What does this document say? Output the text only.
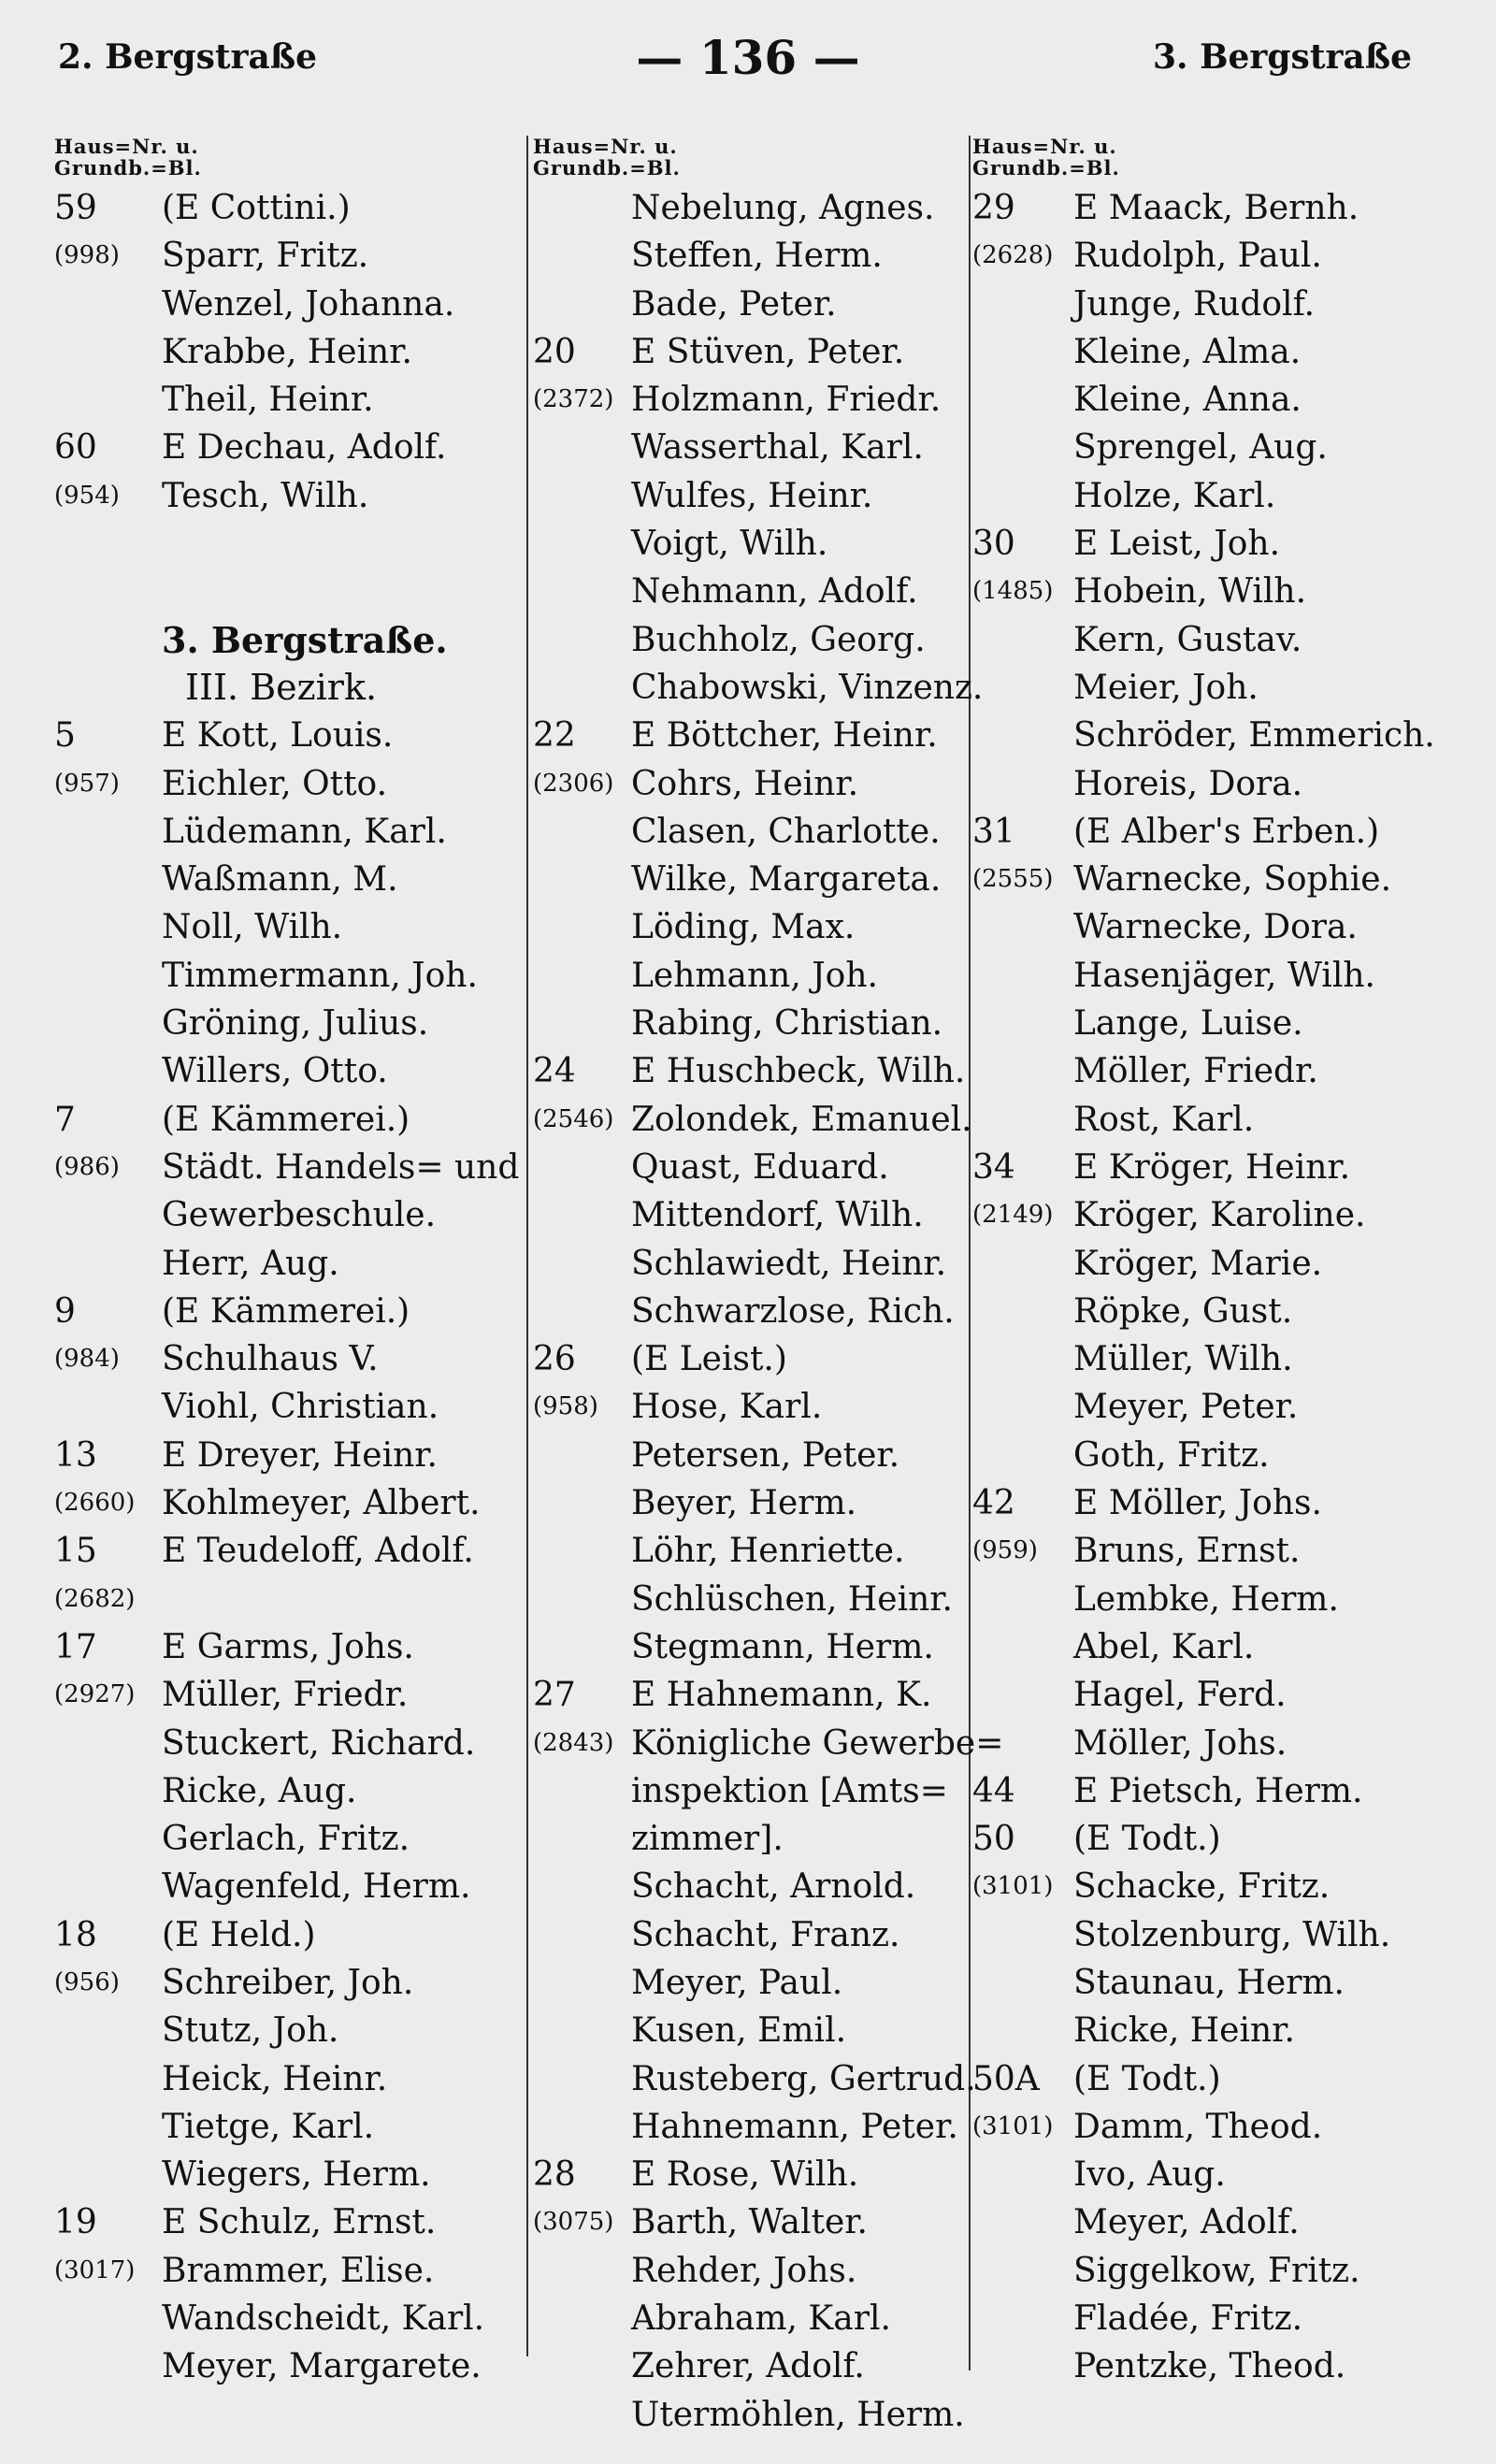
2. Bergstraße	— 136 —	3. Bergstraße
Haus=Nr. u.
Grundb.=Bl.
59 (E Cottini.)
(998) Sparr, Fritz.
Wenzel, Johanna.
Krabbe, Heinr.
Theil, Heinr.
60 E Dechau, Adolf.
(954) Tesch, Wilh.
3. Bergstraße.
III. Bezirk.
5	E Kott, Louis.
(957) Eichler, Otto.
Lüdemann, Karl.
Waßmann, M.
Noll, Wilh.
Timmermann, Joh.
Gröning, Julius.
Willers, Otto.
7	(E Kämmerei.)
(986) Städt. Handels= und
Gewerbeschule.
Herr, Aug.
9	(E Kämmerei.)
(984) Schulhaus V.
Viohl, Christian.
13 E Dreyer, Heinr.
(2660) Kohlmeyer, Albert.
15 E Teudeloff, Adolf.
(2682)
17 E Garms, Johs.
(2927) Müller, Friedr.
Stuckert, Richard.
Ricke, Aug.
Gerlach, Fritz.
Wagenfeld, Herm.
18 (E Held.)
(956) Schreiber, Joh.
Stutz, Joh.
Heick, Heinr.
Tietge, Karl.
Wiegers, Herm.
19 E Schulz, Ernst.
(3017) Brammer, Elise.
Wandscheidt, Karl.
Meyer, Margarete.
Haus=Nr. u.
Grundb.=Bl.
Nebelung, Agnes.
Steffen, Herm.
Bade, Peter.
20 E Stüven, Peter.
(2372) Holzmann, Friedr.
Wasserthal, Karl.
Wulfes, Heinr.
Voigt, Wilh.
Nehmann, Adolf.
Buchholz, Georg.
Chabowski, Vinzenz.
22 E Böttcher, Heinr.
(2306) Cohrs, Heinr.
Clasen, Charlotte.
Wilke, Margareta.
Löding, Max.
Lehmann, Joh.
Rabing, Christian.
24 E Huschbeck, Wilh.
(2546) Zolondek, Emanuel.
Quast, Eduard.
Mittendorf, Wilh.
Schlawiedt, Heinr.
Schwarzlose, Rich.
26 (E Leist.)
(958) Hose, Karl.
Petersen, Peter.
Beyer, Herm.
Löhr, Henriette.
Schlüschen, Heinr.
Stegmann, Herm.
27 E Hahnemann, K.
(2843) Königliche Gewerbe=
inspektion [Amts=
zimmer].
Schacht, Arnold.
Schacht, Franz.
Meyer, Paul.
Kusen, Emil.
Rusteberg, Gertrud.
Hahnemann, Peter.
28 E Rose, Wilh.
(3075) Barth, Walter.
Rehder, Johs.
Abraham, Karl.
Zehrer, Adolf.
Utermöhlen, Herm.
Haus=Nr. u.
Grundb.=Bl.
29 E Maack, Bernh.
(2628) Rudolph, Paul.
Junge, Rudolf.
Kleine, Alma.
Kleine, Anna.
Sprengel, Aug.
Holze, Karl.
30 E Leist, Joh.
(1485) Hobein, Wilh.
Kern, Gustav.
Meier, Joh.
Schröder, Emmerich.
Horeis, Dora.
31 (E Alber's Erben.)
(2555) Warnecke, Sophie.
Warnecke, Dora.
Hasenjäger, Wilh.
Lange, Luise.
Möller, Friedr.
Rost, Karl.
34 E Kröger, Heinr.
(2149) Kröger, Karoline.
Kröger, Marie.
Röpke, Gust.
Müller, Wilh.
Meyer, Peter.
Goth, Fritz.
42 E Möller, Johs.
(959) Bruns, Ernst.
Lembke, Herm.
Abel, Karl.
Hagel, Ferd.
Möller, Johs.
44 E Pietsch, Herm.
50 (E Todt.)
(3101) Schacke, Fritz.
Stolzenburg, Wilh.
Staunau, Herm.
Ricke, Heinr.
50A (E Todt.)
(3101) Damm, Theod.
Ivo, Aug.
Meyer, Adolf.
Siggelkow, Fritz.
Fladée, Fritz.
Pentzke, Theod.
